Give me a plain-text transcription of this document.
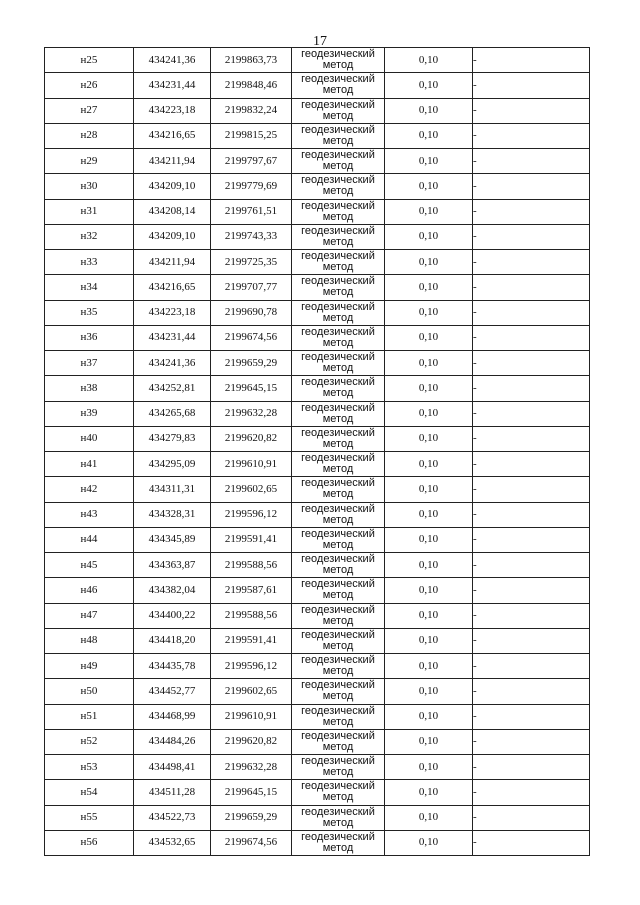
17
н25	434241,36	2199863,73	геодезический
метод	0,10	-
н26	434231,44	2199848,46	геодезический
метод	0,10	-
н27	434223,18	2199832,24	геодезический
метод	0,10	-
н28	434216,65	2199815,25	геодезический
метод	0,10	-
н29	434211,94	2199797,67	геодезический
метод	0,10	-
н30	434209,10	2199779,69	геодезический
метод	0,10	-
н31	434208,14	2199761,51	геодезический
метод	0,10	-
н32	434209,10	2199743,33	геодезический
метод	0,10	-
н33	434211,94	2199725,35	геодезический
метод	0,10	-
н34	434216,65	2199707,77	геодезический
метод	0,10	-
н35	434223,18	2199690,78	геодезический
метод	0,10	-
н36	434231,44	2199674,56	геодезический
метод	0,10	-
н37	434241,36	2199659,29	геодезический
метод	0,10	-
н38	434252,81	2199645,15	геодезический
метод	0,10	-
н39	434265,68	2199632,28	геодезический
метод	0,10	-
н40	434279,83	2199620,82	геодезический
метод	0,10	-
н41	434295,09	2199610,91	геодезический
метод	0,10	-
н42	434311,31	2199602,65	геодезический
метод	0,10	-
н43	434328,31	2199596,12	геодезический
метод	0,10	-
н44	434345,89	2199591,41	геодезический
метод	0,10	-
н45	434363,87	2199588,56	геодезический
метод	0,10	-
н46	434382,04	2199587,61	геодезический
метод	0,10	-
н47	434400,22	2199588,56	геодезический
метод	0,10	-
н48	434418,20	2199591,41	геодезический
метод	0,10	-
н49	434435,78	2199596,12	геодезический
метод	0,10	-
н50	434452,77	2199602,65	геодезический
метод	0,10	-
н51	434468,99	2199610,91	геодезический
метод	0,10	-
н52	434484,26	2199620,82	геодезический
метод	0,10	-
н53	434498,41	2199632,28	геодезический
метод	0,10	-
н54	434511,28	2199645,15	геодезический
метод	0,10	-
н55	434522,73	2199659,29	геодезический
метод	0,10	-
н56	434532,65	2199674,56	геодезический
метод	0,10	-
